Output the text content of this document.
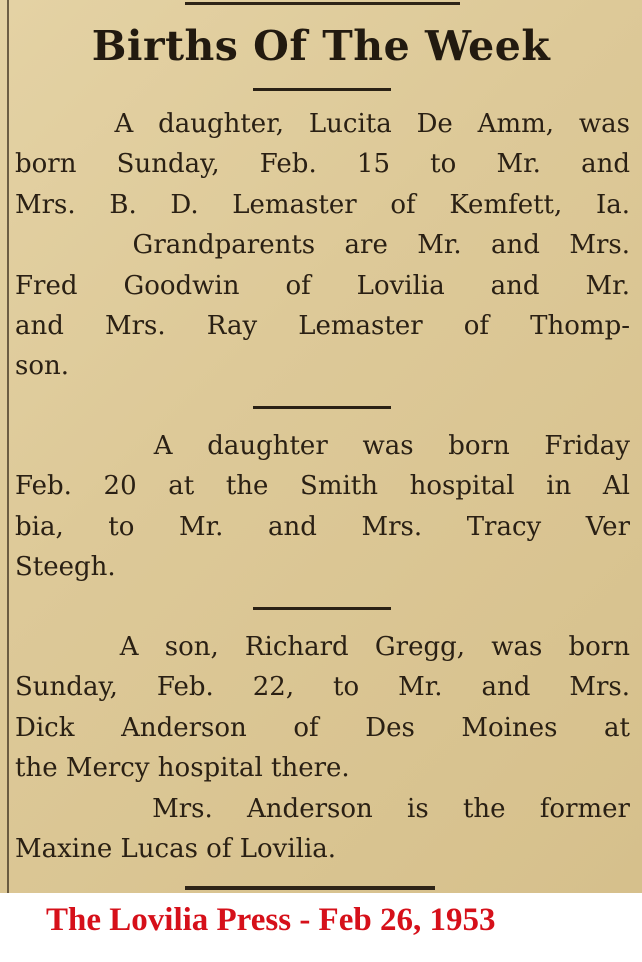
Births Of The Week
A daughter, Lucita De Amm, was
born Sunday, Feb. 15 to Mr. and
Mrs. B. D. Lemaster of Kemfett, Ia.
Grandparents are Mr. and Mrs.
Fred Goodwin of Lovilia and Mr.
and Mrs. Ray Lemaster of Thomp-
son.
A daughter was born Friday
Feb. 20 at the Smith hospital in Al
bia, to Mr. and Mrs. Tracy Ver
Steegh.
A son, Richard Gregg, was born
Sunday, Feb. 22, to Mr. and Mrs.
Dick Anderson of Des Moines at
the Mercy hospital there.
Mrs. Anderson is the former
Maxine Lucas of Lovilia.
The Lovilia Press - Feb 26, 1953
